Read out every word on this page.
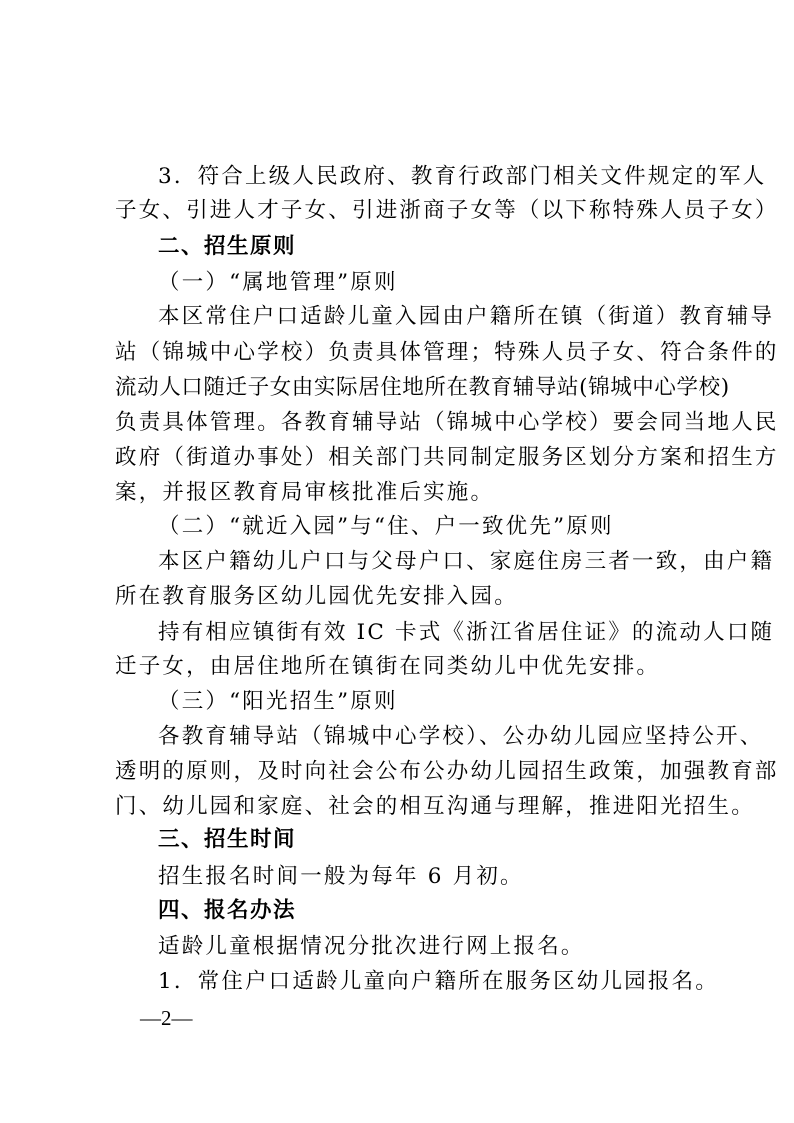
3．符合上级人民政府、教育行政部门相关文件规定的军人
子女、引进人才子女、引进浙商子女等（以下称特殊人员子女）
二、招生原则
（一）“属地管理”原则
本区常住户口适龄儿童入园由户籍所在镇（街道）教育辅导
站（锦城中心学校）负责具体管理；特殊人员子女、符合条件的
流动人口随迁子女由实际居住地所在教育辅导站(锦城中心学校)
负责具体管理。各教育辅导站（锦城中心学校）要会同当地人民
政府（街道办事处）相关部门共同制定服务区划分方案和招生方
案，并报区教育局审核批准后实施。
（二）“就近入园”与“住、户一致优先”原则
本区户籍幼儿户口与父母户口、家庭住房三者一致，由户籍
所在教育服务区幼儿园优先安排入园。
持有相应镇街有效 IC 卡式《浙江省居住证》的流动人口随
迁子女，由居住地所在镇街在同类幼儿中优先安排。
（三）“阳光招生”原则
各教育辅导站（锦城中心学校）、公办幼儿园应坚持公开、
透明的原则，及时向社会公布公办幼儿园招生政策，加强教育部
门、幼儿园和家庭、社会的相互沟通与理解，推进阳光招生。
三、招生时间
招生报名时间一般为每年 6 月初。
四、报名办法
适龄儿童根据情况分批次进行网上报名。
1．常住户口适龄儿童向户籍所在服务区幼儿园报名。
—2—
